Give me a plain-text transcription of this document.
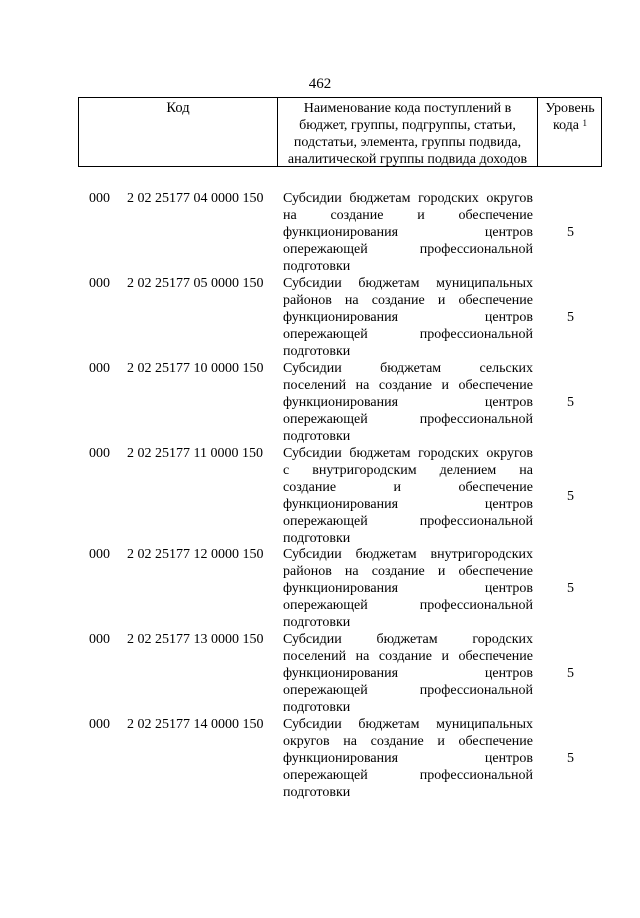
462
Код	Наименование кода поступлений в
бюджет, группы, подгруппы, статьи,
подстатьи, элемента, группы подвида,
аналитической группы подвида доходов
Уровень
кода $^1$
000 2 02 25177 04 0000 150 Субсидии бюджетам городских округов
на создание и обеспечение
функционирования центров
опережающей профессиональной
подготовки
5
000 2 02 25177 05 0000 150 Субсидии бюджетам муниципальных
районов на создание и обеспечение
функционирования центров
опережающей профессиональной
подготовки
5
000 2 02 25177 10 0000 150 Субсидии бюджетам сельских
поселений на создание и обеспечение
функционирования центров
опережающей профессиональной
подготовки
5
000 2 02 25177 11 0000 150 Субсидии бюджетам городских округов
с внутригородским делением на
создание и обеспечение
функционирования центров
опережающей профессиональной
подготовки
5
000 2 02 25177 12 0000 150 Субсидии бюджетам внутригородских
районов на создание и обеспечение
функционирования центров
опережающей профессиональной
подготовки
5
000 2 02 25177 13 0000 150 Субсидии бюджетам городских
поселений на создание и обеспечение
функционирования центров
опережающей профессиональной
подготовки
5
000 2 02 25177 14 0000 150 Субсидии бюджетам муниципальных
округов на создание и обеспечение
функционирования центров
опережающей профессиональной
подготовки
5
